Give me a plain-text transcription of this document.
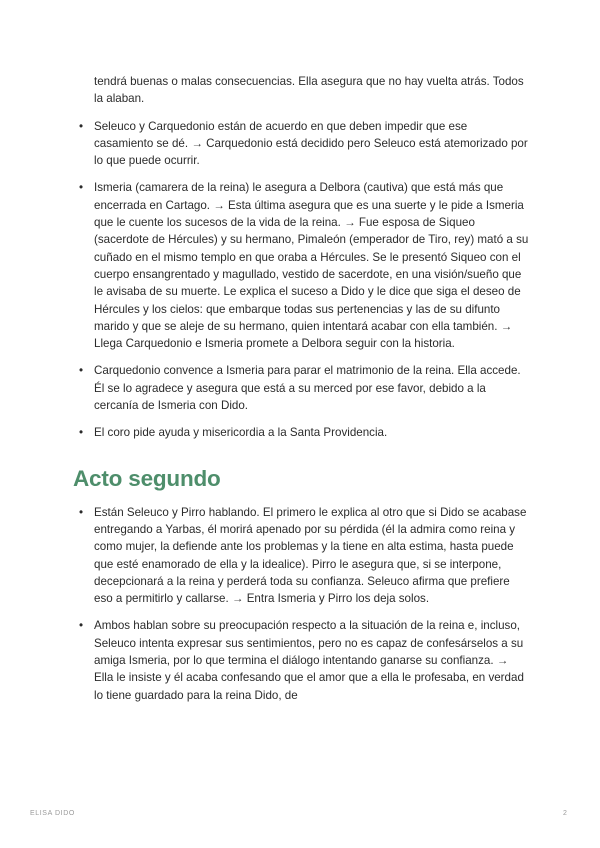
tendrá buenas o malas consecuencias. Ella asegura que no hay vuelta atrás. Todos la alaban.

• Seleuco y Carquedonio están de acuerdo en que deben impedir que ese casamiento se dé. → Carquedonio está decidido pero Seleuco está atemorizado por lo que puede ocurrir.
• Ismeria (camarera de la reina) le asegura a Delbora (cautiva) que está más que encerrada en Cartago. → Esta última asegura que es una suerte y le pide a Ismeria que le cuente los sucesos de la vida de la reina. → Fue esposa de Siqueo (sacerdote de Hércules) y su hermano, Pimaleón (emperador de Tiro, rey) mató a su cuñado en el mismo templo en que oraba a Hércules. Se le presentó Siqueo con el cuerpo ensangrentado y magullado, vestido de sacerdote, en una visión/sueño que le avisaba de su muerte. Le explica el suceso a Dido y le dice que siga el deseo de Hércules y los cielos: que embarque todas sus pertenencias y las de su difunto marido y que se aleje de su hermano, quien intentará acabar con ella también. → Llega Carquedonio e Ismeria promete a Delbora seguir con la historia.
• Carquedonio convence a Ismeria para parar el matrimonio de la reina. Ella accede. Él se lo agradece y asegura que está a su merced por ese favor, debido a la cercanía de Ismeria con Dido.
• El coro pide ayuda y misericordia a la Santa Providencia.
Acto segundo
• Están Seleuco y Pirro hablando. El primero le explica al otro que si Dido se acabase entregando a Yarbas, él morirá apenado por su pérdida (él la admira como reina y como mujer, la defiende ante los problemas y la tiene en alta estima, hasta puede que esté enamorado de ella y la idealice). Pirro le asegura que, si se interpone, decepcionará a la reina y perderá toda su confianza. Seleuco afirma que prefiere eso a permitirlo y callarse. → Entra Ismeria y Pirro los deja solos.
• Ambos hablan sobre su preocupación respecto a la situación de la reina e, incluso, Seleuco intenta expresar sus sentimientos, pero no es capaz de confesárselos a su amiga Ismeria, por lo que termina el diálogo intentando ganarse su confianza. → Ella le insiste y él acaba confesando que el amor que a ella le profesaba, en verdad lo tiene guardado para la reina Dido, de
ELISA DIDO	2
